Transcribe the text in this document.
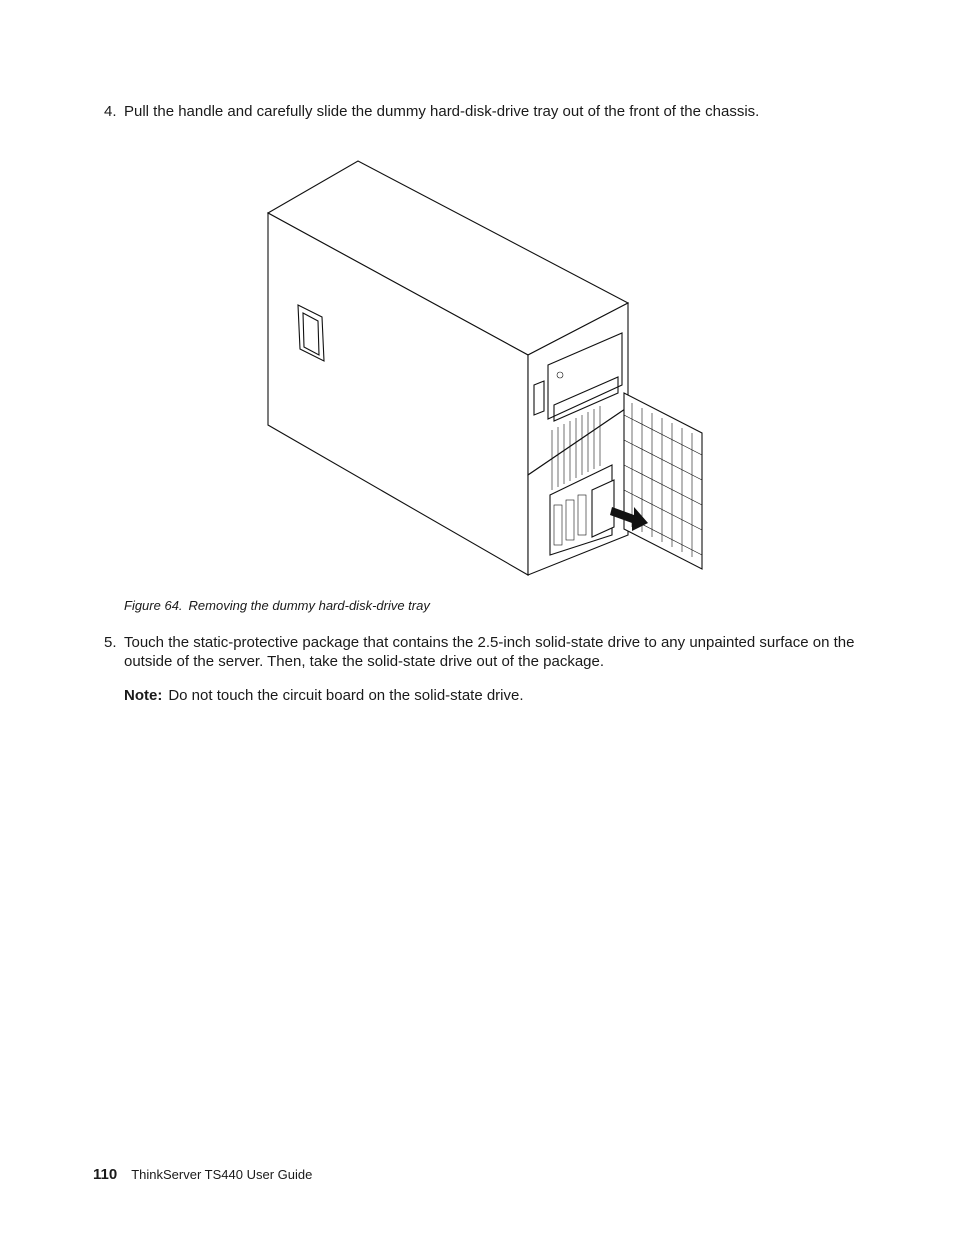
4. Pull the handle and carefully slide the dummy hard-disk-drive tray out of the front of the chassis.
Figure 64. Removing the dummy hard-disk-drive tray
5. Touch the static-protective package that contains the 2.5-inch solid-state drive to any unpainted surface on the outside of the server. Then, take the solid-state drive out of the package.
Note: Do not touch the circuit board on the solid-state drive.
110 ThinkServer TS440 User Guide
